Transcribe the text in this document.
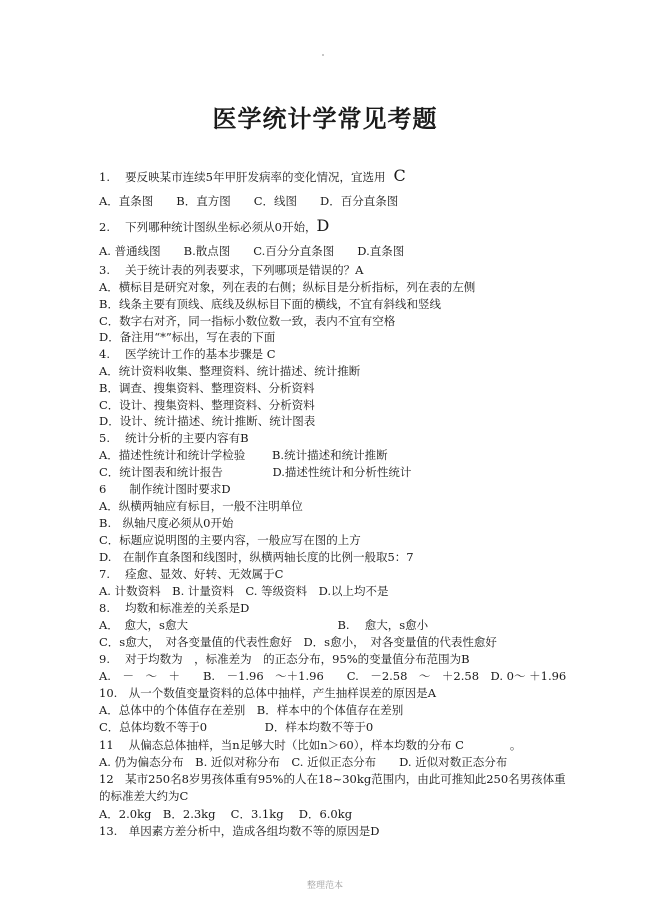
医学统计学常见考题
1.　 要反映某市连续5年甲肝发病率的变化情况，宜选用 C
A．直条图　　B．直方图　　C．线图　　D．百分直条图
2.　 下列哪种统计图纵坐标必须从0开始，D
A. 普通线图　　B.散点图　　C.百分分直条图　　D.直条图
3.　 关于统计表的列表要求，下列哪项是错误的？A
A．横标目是研究对象，列在表的右侧；纵标目是分析指标，列在表的左侧
B．线条主要有顶线、底线及纵标目下面的横线，不宜有斜线和竖线
C．数字右对齐，同一指标小数位数一致，表内不宜有空格
D．备注用“*”标出，写在表的下面
4.　 医学统计工作的基本步骤是 C
A．统计资料收集、整理资料、统计描述、统计推断
B．调查、搜集资料、整理资料、分析资料
C．设计、搜集资料、整理资料、分析资料
D．设计、统计描述、统计推断、统计图表
5.　 统计分析的主要内容有B
A．描述性统计和统计学检验　　 B.统计描述和统计推断
C．统计图表和统计报告　　　　 D.描述性统计和分析性统计
6　　制作统计图时要求D
A．纵横两轴应有标目，一般不注明单位
B.　纵轴尺度必须从0开始
C．标题应说明图的主要内容，一般应写在图的上方
D.　在制作直条图和线图时，纵横两轴长度的比例一般取5：7
7.　 痊愈、显效、好转、无效属于C
A. 计数资料　B. 计量资料　C. 等级资料　D.以上均不是
8.　 均数和标准差的关系是D
A．　愈大，s愈大　　　　　　　　　　　　　B.　 愈大，s愈小
C．s愈大，　对各变量值的代表性愈好　D．s愈小，　对各变量值的代表性愈好
9.　 对于均数为　，标准差为　的正态分布，95%的变量值分布范围为B
A.　－　～　＋　　B.　－1.96　～＋1.96　　C.　－2.58　～　＋2.58　D. 0～ ＋1.96
10.　从一个数值变量资料的总体中抽样，产生抽样误差的原因是A
A．总体中的个体值存在差别　B．样本中的个体值存在差别
C．总体均数不等于0　　　　　D．样本均数不等于0
11　 从偏态总体抽样，当n足够大时（比如n＞60），样本均数的分布 C　　　　。
A. 仍为偏态分布　B. 近似对称分布　C. 近似正态分布　　D. 近似对数正态分布
12　某市250名8岁男孩体重有95%的人在18~30kg范围内，由此可推知此250名男孩体重
的标准差大约为C
A．2.0kg　B．2.3kg　 C．3.1kg　 D．6.0kg
13.　单因素方差分析中，造成各组均数不等的原因是D
整理范本
